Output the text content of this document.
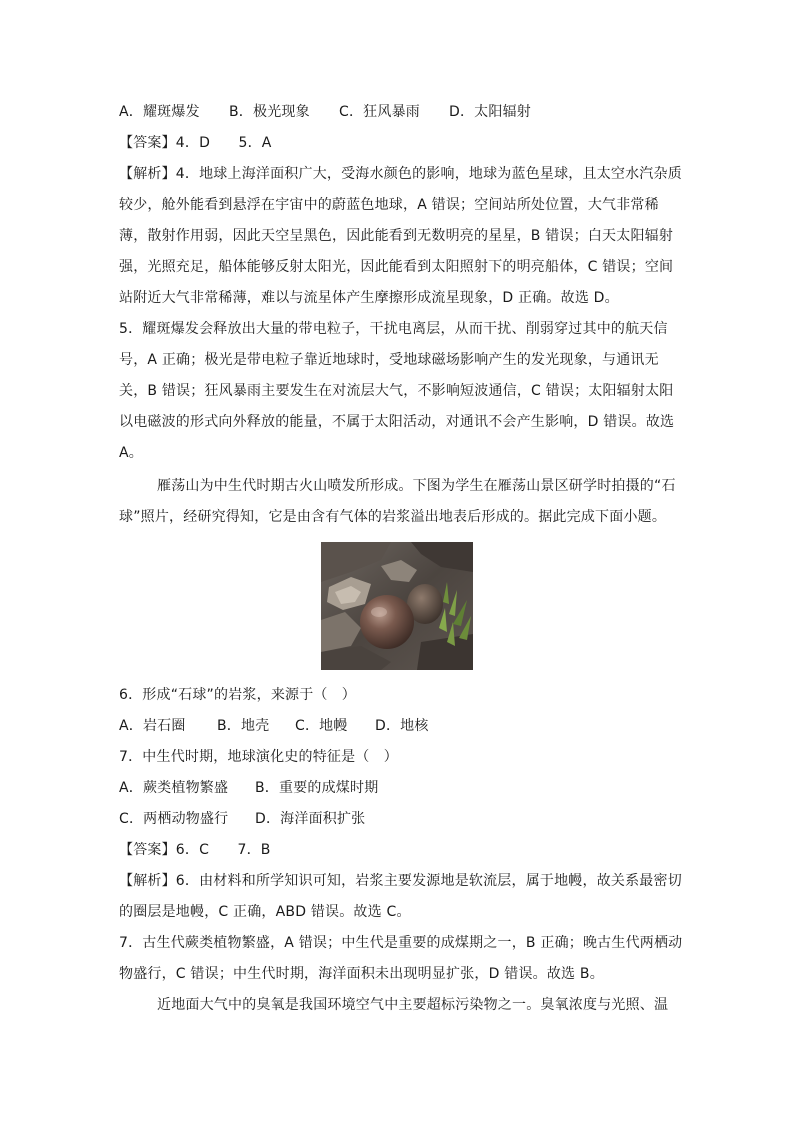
A．耀斑爆发 B．极光现象 C．狂风暴雨 D．太阳辐射
【答案】4．D　　5．A
【解析】4．地球上海洋面积广大，受海水颜色的影响，地球为蓝色星球，且太空水汽杂质
较少，舱外能看到悬浮在宇宙中的蔚蓝色地球，A 错误；空间站所处位置，大气非常稀
薄，散射作用弱，因此天空呈黑色，因此能看到无数明亮的星星，B 错误；白天太阳辐射
强，光照充足，船体能够反射太阳光，因此能看到太阳照射下的明亮船体，C 错误；空间
站附近大气非常稀薄，难以与流星体产生摩擦形成流星现象，D 正确。故选 D。
5．耀斑爆发会释放出大量的带电粒子，干扰电离层，从而干扰、削弱穿过其中的航天信
号，A 正确；极光是带电粒子靠近地球时，受地球磁场影响产生的发光现象，与通讯无
关，B 错误；狂风暴雨主要发生在对流层大气，不影响短波通信，C 错误；太阳辐射太阳
以电磁波的形式向外释放的能量，不属于太阳活动，对通讯不会产生影响，D 错误。故选
A。
雁荡山为中生代时期古火山喷发所形成。下图为学生在雁荡山景区研学时拍摄的“石
球”照片，经研究得知，它是由含有气体的岩浆溢出地表后形成的。据此完成下面小题。
6．形成“石球”的岩浆，来源于（　）
A．岩石圈 B．地壳 C．地幔 D．地核
7．中生代时期，地球演化史的特征是（　）
A．蕨类植物繁盛 B．重要的成煤时期
C．两栖动物盛行 D．海洋面积扩张
【答案】6．C　　7．B
【解析】6．由材料和所学知识可知，岩浆主要发源地是软流层，属于地幔，故关系最密切
的圈层是地幔，C 正确，ABD 错误。故选 C。
7．古生代蕨类植物繁盛，A 错误；中生代是重要的成煤期之一，B 正确；晚古生代两栖动
物盛行，C 错误；中生代时期，海洋面积未出现明显扩张，D 错误。故选 B。
近地面大气中的臭氧是我国环境空气中主要超标污染物之一。臭氧浓度与光照、温
